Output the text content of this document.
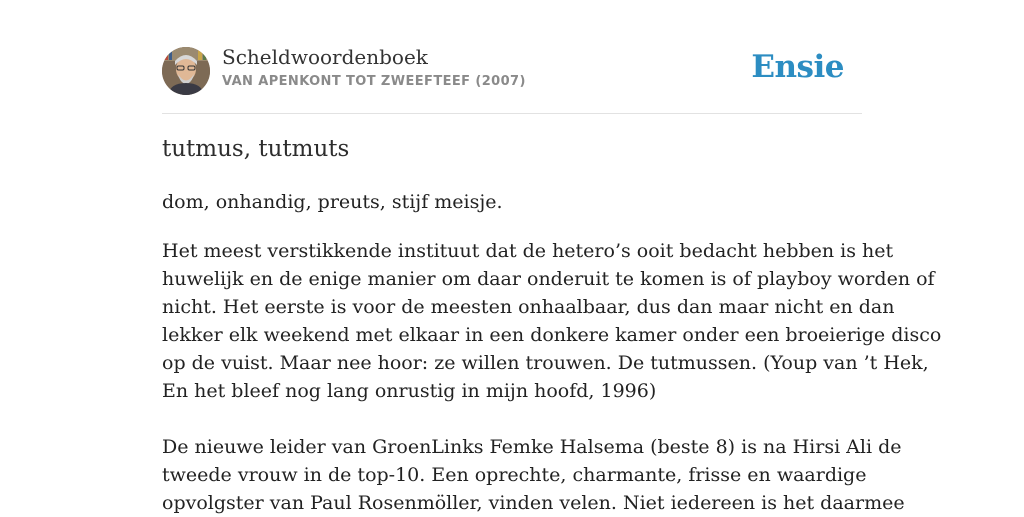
Scheldwoordenboek
VAN APENKONT TOT ZWEEFTEEF (2007)	Ensie
tutmus, tutmuts

dom, onhandig, preuts, stijf meisje.

Het meest verstikkende instituut dat de hetero’s ooit bedacht hebben is het
huwelijk en de enige manier om daar onderuit te komen is of playboy worden of
nicht. Het eerste is voor de meesten onhaalbaar, dus dan maar nicht en dan
lekker elk weekend met elkaar in een donkere kamer onder een broeierige disco
op de vuist. Maar nee hoor: ze willen trouwen. De tutmussen. (Youp van ’t Hek,
En het bleef nog lang onrustig in mijn hoofd, 1996)
De nieuwe leider van GroenLinks Femke Halsema (beste 8) is na Hirsi Ali de
tweede vrouw in de top-10. Een oprechte, charmante, frisse en waardige
opvolgster van Paul Rosenmöller, vinden velen. Niet iedereen is het daarmee
